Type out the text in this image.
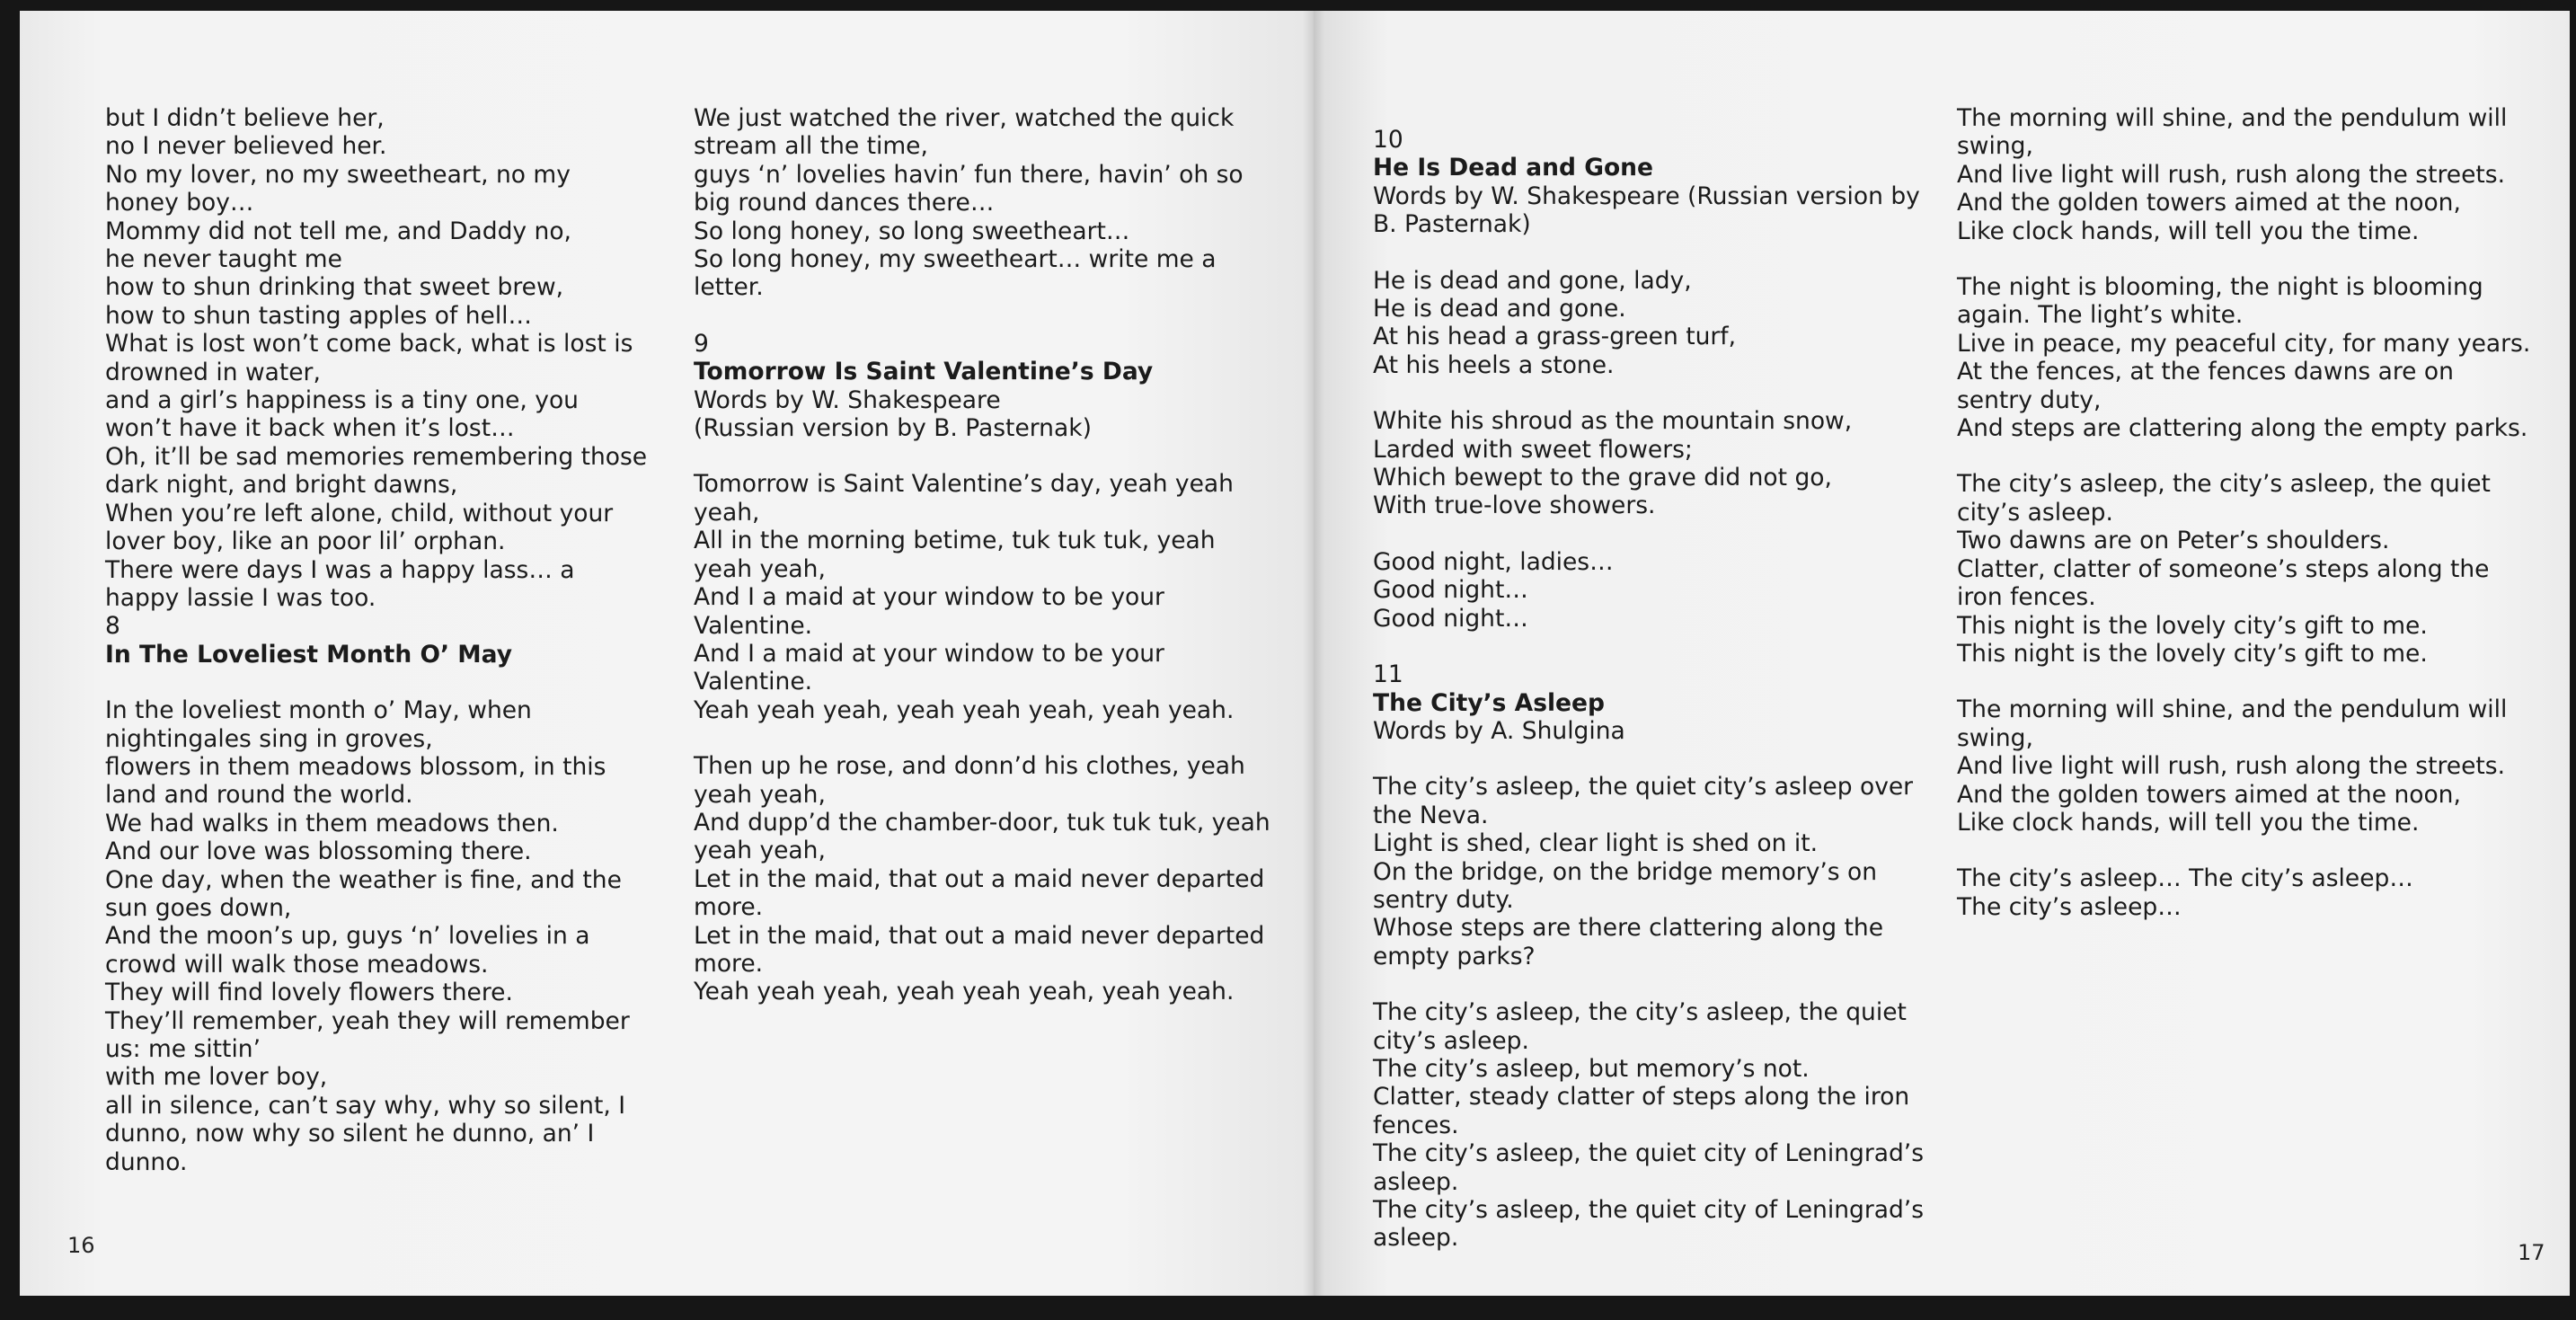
but I didn’t believe her,

no I never believed her.

No my lover, no my sweetheart, no my honey boy…

Mommy did not tell me, and Daddy no,

he never taught me

how to shun drinking that sweet brew,

how to shun tasting apples of hell…

What is lost won’t come back, what is lost is drowned in water,

and a girl’s happiness is a tiny one, you won’t have it back when it’s lost…

Oh, it’ll be sad memories remembering those dark night, and bright dawns,

When you’re left alone, child, without your lover boy, like an poor lil’ orphan.

There were days I was a happy lass… a happy lassie I was too.

8

In The Loveliest Month O’ May

In the loveliest month o’ May, when nightingales sing in groves,

flowers in them meadows blossom, in this land and round the world.

We had walks in them meadows then.

And our love was blossoming there.

One day, when the weather is fine, and the sun goes down,

And the moon’s up, guys ‘n’ lovelies in a crowd will walk those meadows.

They will find lovely flowers there.

They’ll remember, yeah they will remember us: me sittin’

with me lover boy,

all in silence, can’t say why, why so silent, I dunno, now why so silent he dunno, an’ I dunno.

We just watched the river, watched the quick stream all the time,

guys ‘n’ lovelies havin’ fun there, havin’ oh so big round dances there…

So long honey, so long sweetheart…

So long honey, my sweetheart… write me a letter.

9

Tomorrow Is Saint Valentine’s Day

Words by W. Shakespeare

(Russian version by B. Pasternak)

Tomorrow is Saint Valentine’s day, yeah yeah yeah,

All in the morning betime, tuk tuk tuk, yeah yeah yeah,

And I a maid at your window to be your Valentine.

And I a maid at your window to be your Valentine.

Yeah yeah yeah, yeah yeah yeah, yeah yeah.

Then up he rose, and donn’d his clothes, yeah yeah yeah,

And dupp’d the chamber-door, tuk tuk tuk, yeah yeah yeah,

Let in the maid, that out a maid never departed more.

Let in the maid, that out a maid never departed more.

Yeah yeah yeah, yeah yeah yeah, yeah yeah.

16

10

He Is Dead and Gone

Words by W. Shakespeare (Russian version by B. Pasternak)

He is dead and gone, lady,

He is dead and gone.

At his head a grass-green turf,

At his heels a stone.

White his shroud as the mountain snow,

Larded with sweet flowers;

Which bewept to the grave did not go,

With true-love showers.

Good night, ladies…

Good night…

Good night…

11

The City’s Asleep

Words by A. Shulgina

The city’s asleep, the quiet city’s asleep over the Neva.

Light is shed, clear light is shed on it.

On the bridge, on the bridge memory’s on sentry duty.

Whose steps are there clattering along the empty parks?

The city’s asleep, the city’s asleep, the quiet city’s asleep.

The city’s asleep, but memory’s not.

Clatter, steady clatter of steps along the iron fences.

The city’s asleep, the quiet city of Leningrad’s asleep.

The city’s asleep, the quiet city of Leningrad’s asleep.

The morning will shine, and the pendulum will swing,

And live light will rush, rush along the streets.

And the golden towers aimed at the noon,

Like clock hands, will tell you the time.

The night is blooming, the night is blooming again. The light’s white.

Live in peace, my peaceful city, for many years.

At the fences, at the fences dawns are on sentry duty,

And steps are clattering along the empty parks.

The city’s asleep, the city’s asleep, the quiet city’s asleep.

Two dawns are on Peter’s shoulders.

Clatter, clatter of someone’s steps along the iron fences.

This night is the lovely city’s gift to me.

This night is the lovely city’s gift to me.

The morning will shine, and the pendulum will swing,

And live light will rush, rush along the streets.

And the golden towers aimed at the noon,

Like clock hands, will tell you the time.

The city’s asleep… The city’s asleep…

The city’s asleep…

17
